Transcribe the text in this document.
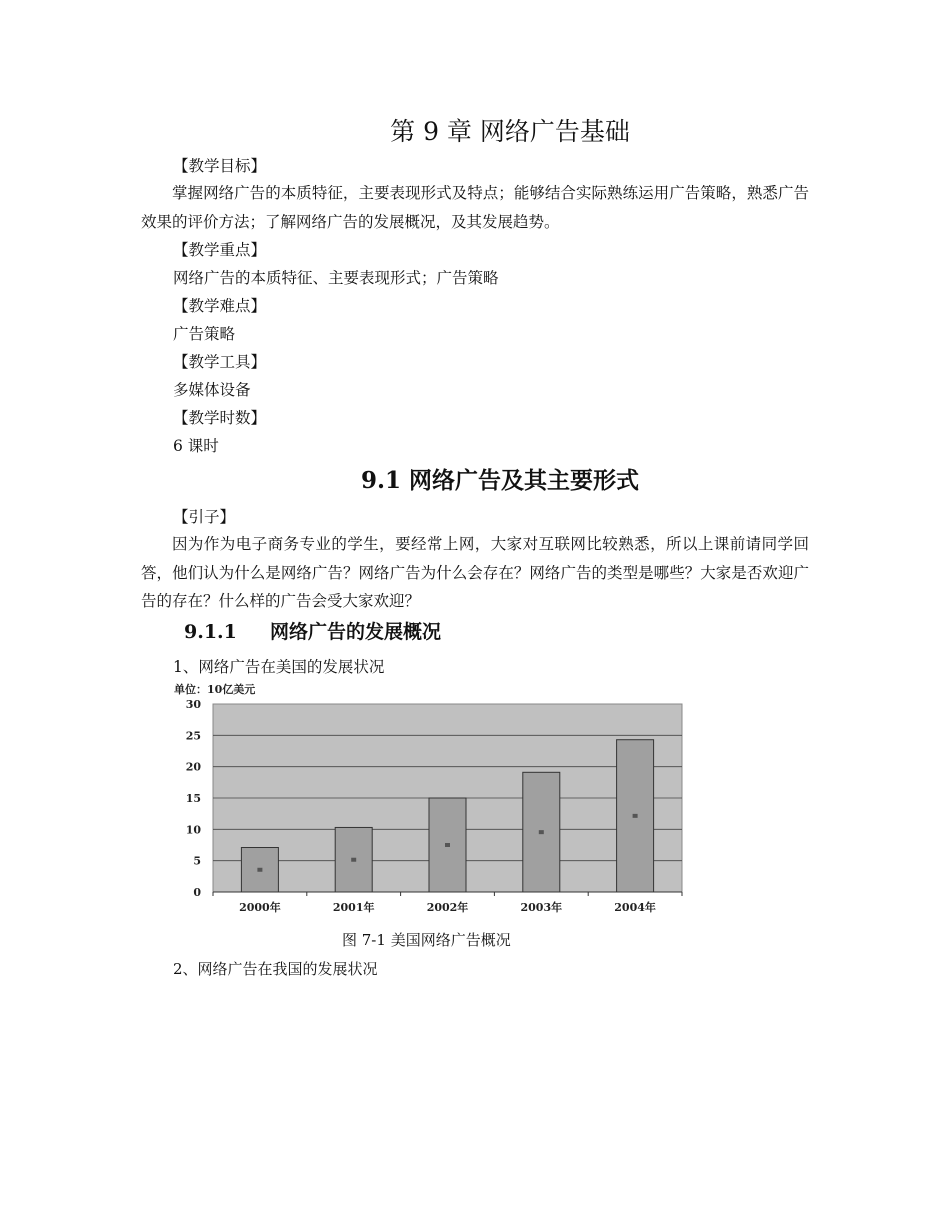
第 9 章 网络广告基础
【教学目标】
掌握网络广告的本质特征，主要表现形式及特点；能够结合实际熟练运用广告策略，熟悉广告效果的评价方法；了解网络广告的发展概况，及其发展趋势。
【教学重点】
网络广告的本质特征、主要表现形式；广告策略
【教学难点】
广告策略
【教学工具】
多媒体设备
【教学时数】
6 课时
9.1 网络广告及其主要形式
【引子】
因为作为电子商务专业的学生，要经常上网，大家对互联网比较熟悉，所以上课前请同学回答，他们认为什么是网络广告？网络广告为什么会存在？网络广告的类型是哪些？大家是否欢迎广告的存在？什么样的广告会受大家欢迎？
9.1.1 网络广告的发展概况
1、网络广告在美国的发展状况
单位：10亿美元
0
5
10
15
20
25
30
2000年	2001年	2002年	2003年	2004年
图 7-1 美国网络广告概况
2、网络广告在我国的发展状况
